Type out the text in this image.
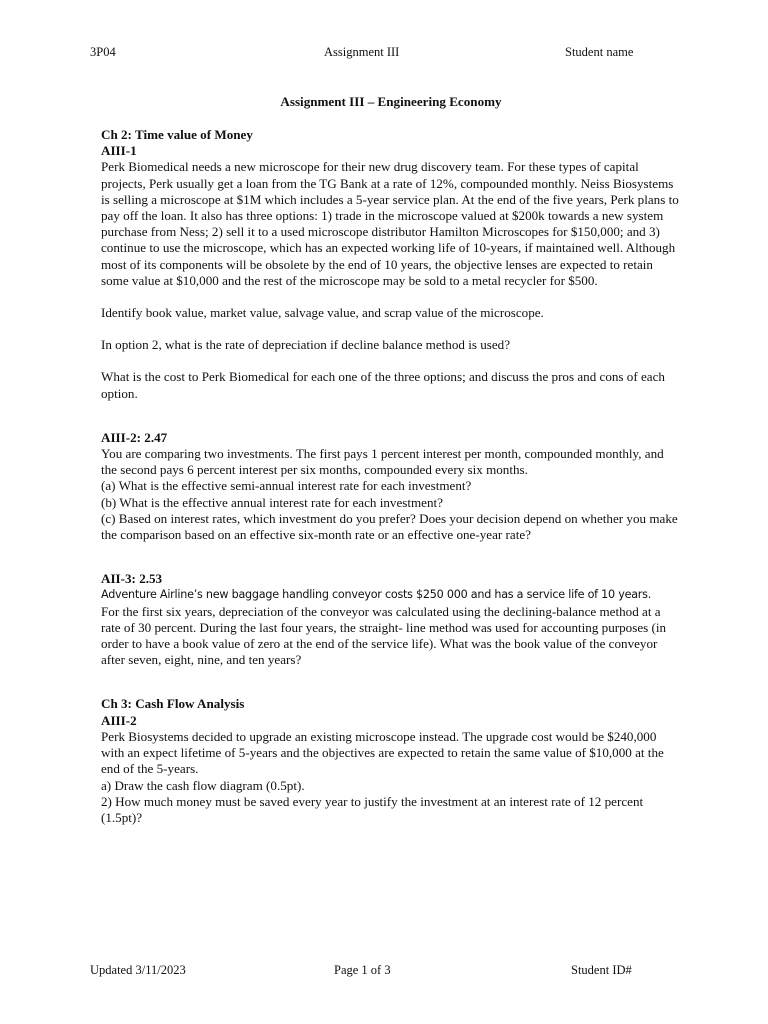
3P04	Assignment III	Student name

Assignment III – Engineering Economy

Ch 2: Time value of Money

AIII-1

Perk Biomedical needs a new microscope for their new drug discovery team. For these types of capital projects, Perk usually get a loan from the TG Bank at a rate of 12%, compounded monthly. Neiss Biosystems is selling a microscope at $1M which includes a 5-year service plan. At the end of the five years, Perk plans to pay off the loan. It also has three options: 1) trade in the microscope valued at $200k towards a new system purchase from Ness; 2) sell it to a used microscope distributor Hamilton Microscopes for $150,000; and 3) continue to use the microscope, which has an expected working life of 10-years, if maintained well. Although most of its components will be obsolete by the end of 10 years, the objective lenses are expected to retain some value at $10,000 and the rest of the microscope may be sold to a metal recycler for $500.

Identify book value, market value, salvage value, and scrap value of the microscope.

In option 2, what is the rate of depreciation if decline balance method is used?

What is the cost to Perk Biomedical for each one of the three options; and discuss the pros and cons of each option.

AIII-2: 2.47

You are comparing two investments. The first pays 1 percent interest per month, compounded monthly, and the second pays 6 percent interest per six months, compounded every six months.

(a) What is the effective semi-annual interest rate for each investment?

(b) What is the effective annual interest rate for each investment?

(c) Based on interest rates, which investment do you prefer? Does your decision depend on whether you make the comparison based on an effective six-month rate or an effective one-year rate?

AII-3: 2.53

Adventure Airline’s new baggage handling conveyor costs $250 000 and has a service life of 10 years.

For the first six years, depreciation of the conveyor was calculated using the declining-balance method at a rate of 30 percent. During the last four years, the straight- line method was used for accounting purposes (in order to have a book value of zero at the end of the service life). What was the book value of the conveyor after seven, eight, nine, and ten years?

Ch 3: Cash Flow Analysis

AIII-2

Perk Biosystems decided to upgrade an existing microscope instead. The upgrade cost would be $240,000 with an expect lifetime of 5-years and the objectives are expected to retain the same value of $10,000 at the end of the 5-years.

a) Draw the cash flow diagram (0.5pt).

2) How much money must be saved every year to justify the investment at an interest rate of 12 percent (1.5pt)?

Updated 3/11/2023	Page 1 of 3	Student ID#
